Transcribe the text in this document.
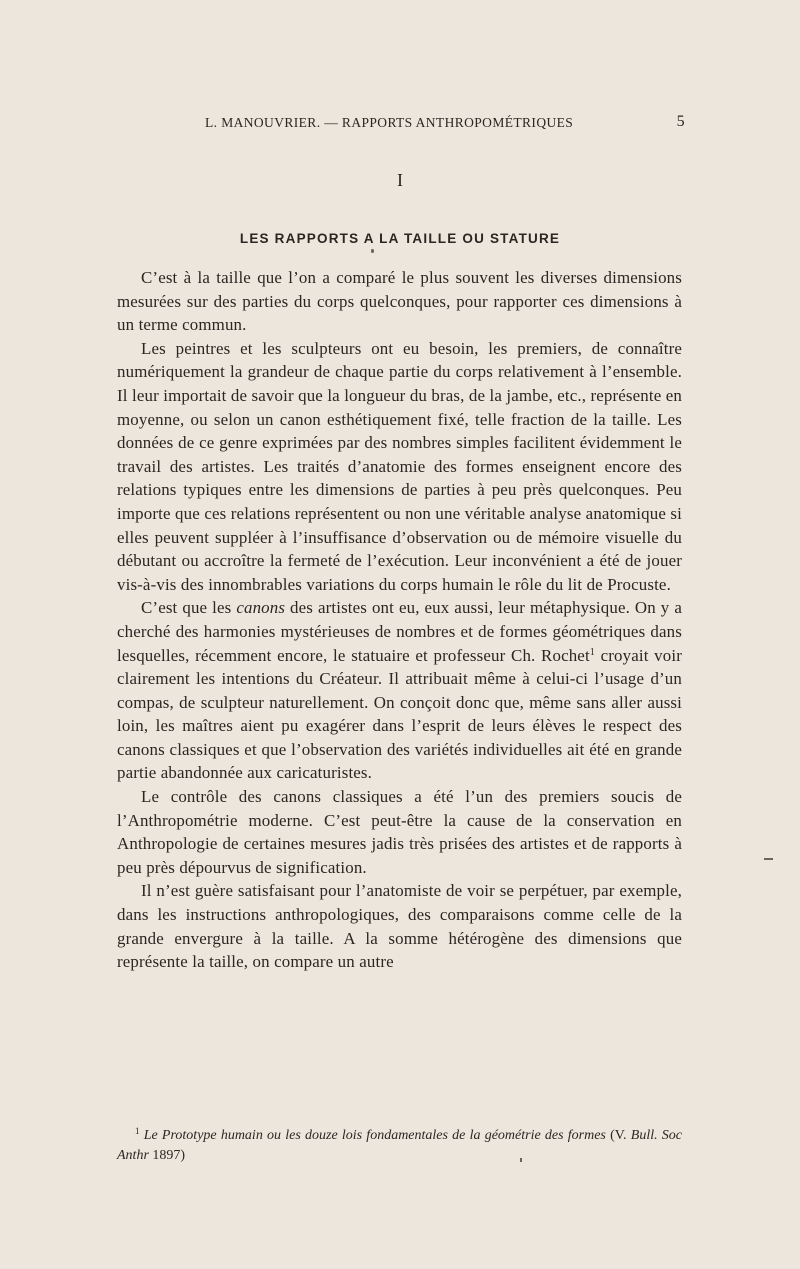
L. MANOUVRIER. — RAPPORTS ANTHROPOMÉTRIQUES	5
I
LES RAPPORTS A LA TAILLE OU STATURE

C’est à la taille que l’on a comparé le plus souvent les diverses dimensions mesurées sur des parties du corps quelconques, pour rapporter ces dimensions à un terme commun.

Les peintres et les sculpteurs ont eu besoin, les premiers, de connaître numériquement la grandeur de chaque partie du corps relativement à l’ensemble. Il leur importait de savoir que la longueur du bras, de la jambe, etc., représente en moyenne, ou selon un canon esthétiquement fixé, telle fraction de la taille. Les données de ce genre exprimées par des nombres simples facilitent évidemment le travail des artistes. Les traités d’anatomie des formes enseignent encore des relations typiques entre les dimensions de parties à peu près quelconques. Peu importe que ces relations représentent ou non une véritable analyse anatomique si elles peuvent suppléer à l’insuffisance d’observation ou de mémoire visuelle du débutant ou accroître la fermeté de l’exécution. Leur inconvénient a été de jouer vis-à-vis des innombrables variations du corps humain le rôle du lit de Procuste.

C’est que les canons des artistes ont eu, eux aussi, leur métaphysique. On y a cherché des harmonies mystérieuses de nombres et de formes géométriques dans lesquelles, récemment encore, le statuaire et professeur Ch. Rochet$^1$ croyait voir clairement les intentions du Créateur. Il attribuait même à celui-ci l’usage d’un compas, de sculpteur naturellement. On conçoit donc que, même sans aller aussi loin, les maîtres aient pu exagérer dans l’esprit de leurs élèves le respect des canons classiques et que l’observation des variétés individuelles ait été en grande partie abandonnée aux caricaturistes.

Le contrôle des canons classiques a été l’un des premiers soucis de l’Anthropométrie moderne. C’est peut-être la cause de la conservation en Anthropologie de certaines mesures jadis très prisées des artistes et de rapports à peu près dépourvus de signification.

Il n’est guère satisfaisant pour l’anatomiste de voir se perpétuer, par exemple, dans les instructions anthropologiques, des comparaisons comme celle de la grande envergure à la taille. A la somme hétérogène des dimensions que représente la taille, on compare un autre

$^1$ Le Prototype humain ou les douze lois fondamentales de la géométrie des formes (V. Bull. Soc Anthr 1897)
